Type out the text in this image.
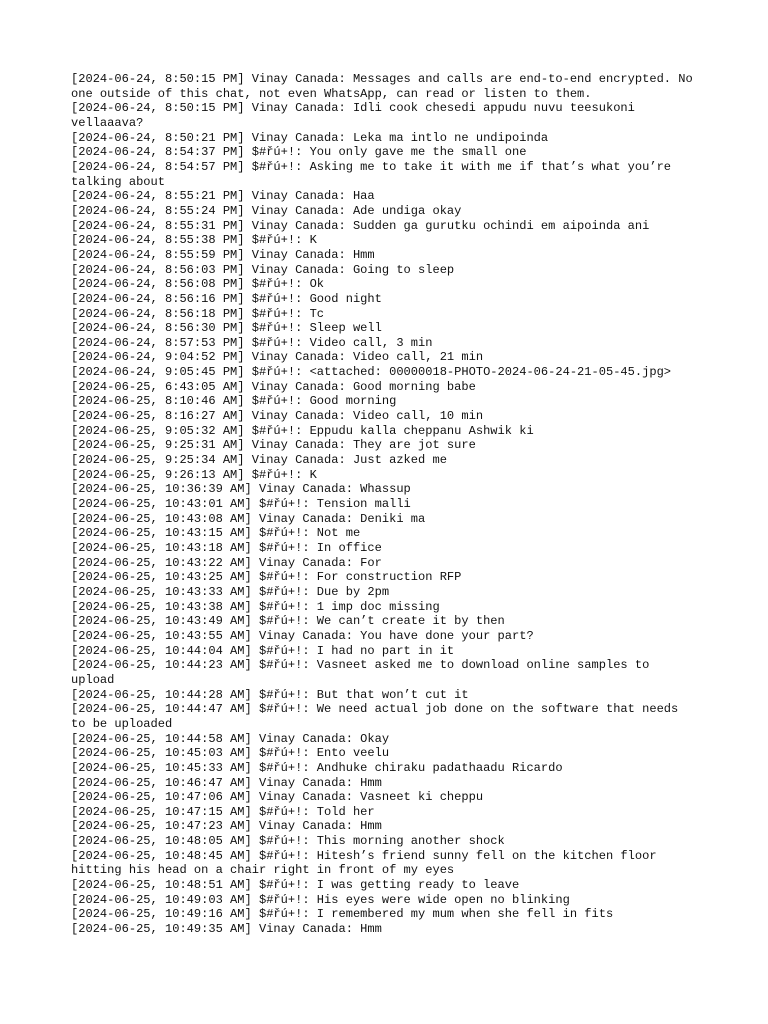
[2024-06-24, 8:50:15 PM] Vinay Canada: Messages and calls are end-to-end encrypted. No one outside of this chat, not even WhatsApp, can read or listen to them.
[2024-06-24, 8:50:15 PM] Vinay Canada: Idli cook chesedi appudu nuvu teesukoni vellaaava?
[2024-06-24, 8:50:21 PM] Vinay Canada: Leka ma intlo ne undipoinda
[2024-06-24, 8:54:37 PM] $#řú+!: You only gave me the small one
[2024-06-24, 8:54:57 PM] $#řú+!: Asking me to take it with me if that’s what you’re talking about
[2024-06-24, 8:55:21 PM] Vinay Canada: Haa
[2024-06-24, 8:55:24 PM] Vinay Canada: Ade undiga okay
[2024-06-24, 8:55:31 PM] Vinay Canada: Sudden ga gurutku ochindi em aipoinda ani
[2024-06-24, 8:55:38 PM] $#řú+!: K
[2024-06-24, 8:55:59 PM] Vinay Canada: Hmm
[2024-06-24, 8:56:03 PM] Vinay Canada: Going to sleep
[2024-06-24, 8:56:08 PM] $#řú+!: Ok
[2024-06-24, 8:56:16 PM] $#řú+!: Good night
[2024-06-24, 8:56:18 PM] $#řú+!: Tc
[2024-06-24, 8:56:30 PM] $#řú+!: Sleep well
[2024-06-24, 8:57:53 PM] $#řú+!: Video call, 3 min
[2024-06-24, 9:04:52 PM] Vinay Canada: Video call, 21 min
[2024-06-24, 9:05:45 PM] $#řú+!: <attached: 00000018-PHOTO-2024-06-24-21-05-45.jpg>
[2024-06-25, 6:43:05 AM] Vinay Canada: Good morning babe
[2024-06-25, 8:10:46 AM] $#řú+!: Good morning
[2024-06-25, 8:16:27 AM] Vinay Canada: Video call, 10 min
[2024-06-25, 9:05:32 AM] $#řú+!: Eppudu kalla cheppanu Ashwik ki
[2024-06-25, 9:25:31 AM] Vinay Canada: They are jot sure
[2024-06-25, 9:25:34 AM] Vinay Canada: Just azked me
[2024-06-25, 9:26:13 AM] $#řú+!: K
[2024-06-25, 10:36:39 AM] Vinay Canada: Whassup
[2024-06-25, 10:43:01 AM] $#řú+!: Tension malli
[2024-06-25, 10:43:08 AM] Vinay Canada: Deniki ma
[2024-06-25, 10:43:15 AM] $#řú+!: Not me
[2024-06-25, 10:43:18 AM] $#řú+!: In office
[2024-06-25, 10:43:22 AM] Vinay Canada: For
[2024-06-25, 10:43:25 AM] $#řú+!: For construction RFP
[2024-06-25, 10:43:33 AM] $#řú+!: Due by 2pm
[2024-06-25, 10:43:38 AM] $#řú+!: 1 imp doc missing
[2024-06-25, 10:43:49 AM] $#řú+!: We can’t create it by then
[2024-06-25, 10:43:55 AM] Vinay Canada: You have done your part?
[2024-06-25, 10:44:04 AM] $#řú+!: I had no part in it
[2024-06-25, 10:44:23 AM] $#řú+!: Vasneet asked me to download online samples to upload
[2024-06-25, 10:44:28 AM] $#řú+!: But that won’t cut it
[2024-06-25, 10:44:47 AM] $#řú+!: We need actual job done on the software that needs to be uploaded
[2024-06-25, 10:44:58 AM] Vinay Canada: Okay
[2024-06-25, 10:45:03 AM] $#řú+!: Ento veelu
[2024-06-25, 10:45:33 AM] $#řú+!: Andhuke chiraku padathaadu Ricardo
[2024-06-25, 10:46:47 AM] Vinay Canada: Hmm
[2024-06-25, 10:47:06 AM] Vinay Canada: Vasneet ki cheppu
[2024-06-25, 10:47:15 AM] $#řú+!: Told her
[2024-06-25, 10:47:23 AM] Vinay Canada: Hmm
[2024-06-25, 10:48:05 AM] $#řú+!: This morning another shock
[2024-06-25, 10:48:45 AM] $#řú+!: Hitesh’s friend sunny fell on the kitchen floor hitting his head on a chair right in front of my eyes
[2024-06-25, 10:48:51 AM] $#řú+!: I was getting ready to leave
[2024-06-25, 10:49:03 AM] $#řú+!: His eyes were wide open no blinking
[2024-06-25, 10:49:16 AM] $#řú+!: I remembered my mum when she fell in fits
[2024-06-25, 10:49:35 AM] Vinay Canada: Hmm
